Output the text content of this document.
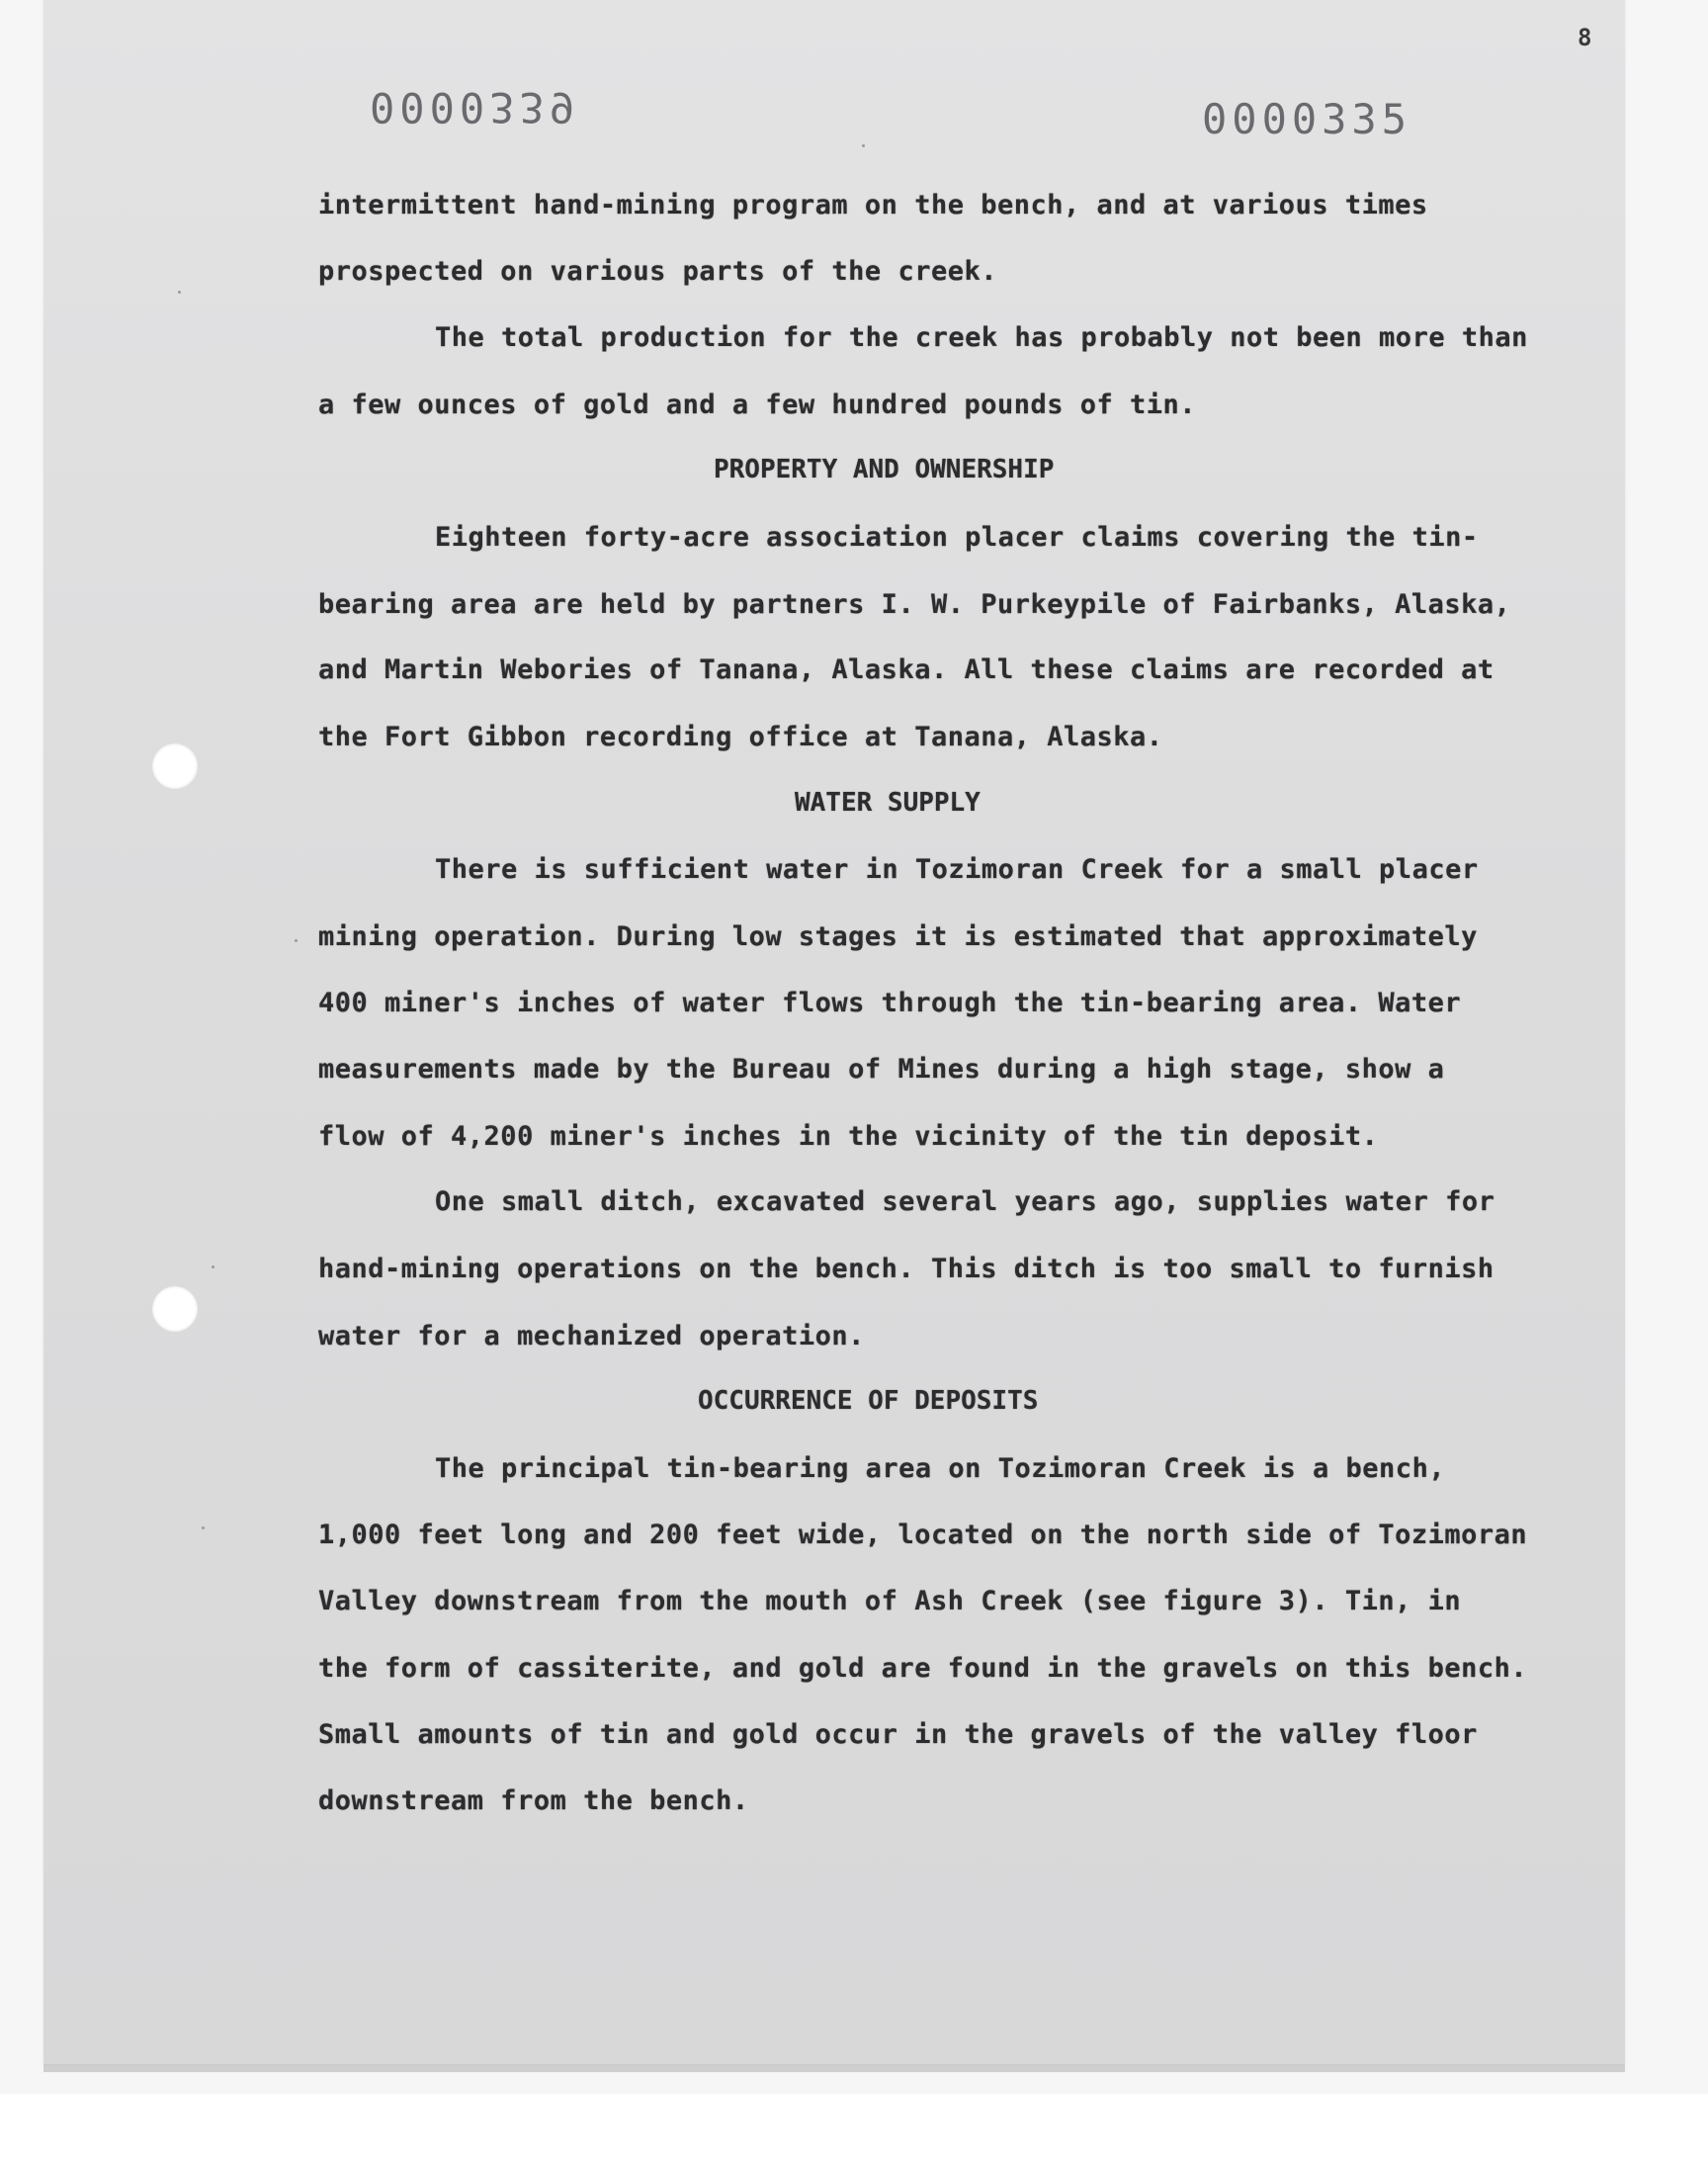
8
0000339	0000335
intermittent hand-mining program on the bench, and at various times
prospected on various parts of the creek.
The total production for the creek has probably not been more than
a few ounces of gold and a few hundred pounds of tin.
PROPERTY AND OWNERSHIP
Eighteen forty-acre association placer claims covering the tin-
bearing area are held by partners I. W. Purkeypile of Fairbanks, Alaska,
and Martin Webories of Tanana, Alaska. All these claims are recorded at
the Fort Gibbon recording office at Tanana, Alaska.
WATER SUPPLY
There is sufficient water in Tozimoran Creek for a small placer
mining operation. During low stages it is estimated that approximately
400 miner's inches of water flows through the tin-bearing area. Water
measurements made by the Bureau of Mines during a high stage, show a
flow of 4,200 miner's inches in the vicinity of the tin deposit.
One small ditch, excavated several years ago, supplies water for
hand-mining operations on the bench. This ditch is too small to furnish
water for a mechanized operation.
OCCURRENCE OF DEPOSITS
The principal tin-bearing area on Tozimoran Creek is a bench,
1,000 feet long and 200 feet wide, located on the north side of Tozimoran
Valley downstream from the mouth of Ash Creek (see figure 3). Tin, in
the form of cassiterite, and gold are found in the gravels on this bench.
Small amounts of tin and gold occur in the gravels of the valley floor
downstream from the bench.
